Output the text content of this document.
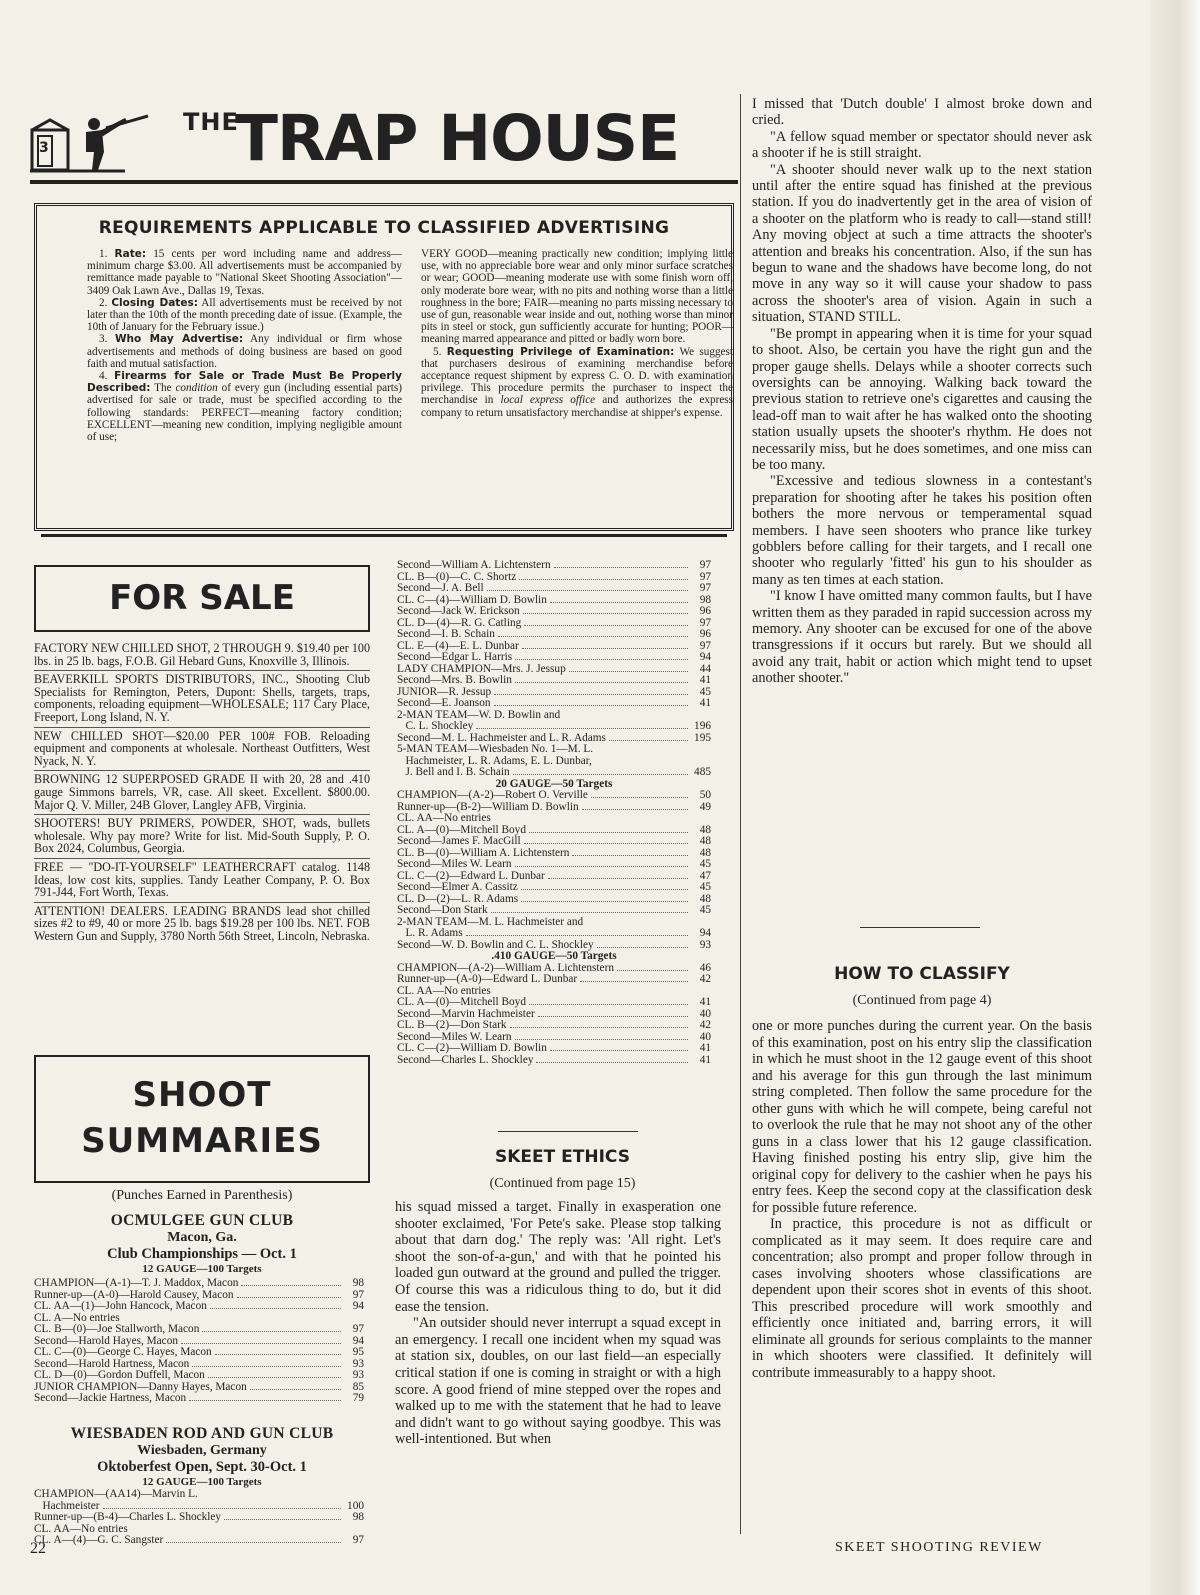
3
THE
TRAP HOUSE
REQUIREMENTS APPLICABLE TO CLASSIFIED ADVERTISING

1. Rate: 15 cents per word including name and address—minimum charge $3.00. All advertisements must be accompanied by remittance made payable to "National Skeet Shooting Association"—3409 Oak Lawn Ave., Dallas 19, Texas.

2. Closing Dates: All advertisements must be received by not later than the 10th of the month preceding date of issue. (Example, the 10th of January for the February issue.)

3. Who May Advertise: Any individual or firm whose advertisements and methods of doing business are based on good faith and mutual satisfaction.

4. Firearms for Sale or Trade Must Be Properly Described: The condition of every gun (including essential parts) advertised for sale or trade, must be specified according to the following standards: PERFECT—meaning factory condition; EXCELLENT—meaning new condition, implying negligible amount of use;

VERY GOOD—meaning practically new condition; implying little use, with no appreciable bore wear and only minor surface scratches or wear; GOOD—meaning moderate use with some finish worn off, only moderate bore wear, with no pits and nothing worse than a little roughness in the bore; FAIR—meaning no parts missing necessary to use of gun, reasonable wear inside and out, nothing worse than minor pits in steel or stock, gun sufficiently accurate for hunting; POOR—meaning marred appearance and pitted or badly worn bore.

5. Requesting Privilege of Examination: We suggest that purchasers desirous of examining merchandise before acceptance request shipment by express C. O. D. with examination privilege. This procedure permits the purchaser to inspect the merchandise in local express office and authorizes the express company to return unsatisfactory merchandise at shipper's expense.

FOR SALE
FACTORY NEW CHILLED SHOT, 2 THROUGH 9. $19.40 per 100 lbs. in 25 lb. bags, F.O.B. Gil Hebard Guns, Knoxville 3, Illinois.
BEAVERKILL SPORTS DISTRIBUTORS, INC., Shooting Club Specialists for Remington, Peters, Dupont: Shells, targets, traps, components, reloading equipment—WHOLESALE; 117 Cary Place, Freeport, Long Island, N. Y.
NEW CHILLED SHOT—$20.00 PER 100# FOB. Reloading equipment and components at wholesale. Northeast Outfitters, West Nyack, N. Y.
BROWNING 12 SUPERPOSED GRADE II with 20, 28 and .410 gauge Simmons barrels, VR, case. All skeet. Excellent. $800.00. Major Q. V. Miller, 24B Glover, Langley AFB, Virginia.
SHOOTERS! BUY PRIMERS, POWDER, SHOT, wads, bullets wholesale. Why pay more? Write for list. Mid-South Supply, P. O. Box 2024, Columbus, Georgia.
FREE — "DO-IT-YOURSELF" LEATHERCRAFT catalog. 1148 Ideas, low cost kits, supplies. Tandy Leather Company, P. O. Box 791-J44, Fort Worth, Texas.
ATTENTION! DEALERS. LEADING BRANDS lead shot chilled sizes #2 to #9, 40 or more 25 lb. bags $19.28 per 100 lbs. NET. FOB Western Gun and Supply, 3780 North 56th Street, Lincoln, Nebraska.
SHOOT
SUMMARIES
(Punches Earned in Parenthesis)
OCMULGEE GUN CLUB
Macon, Ga.
Club Championships — Oct. 1
12 GAUGE—100 Targets
CHAMPION—(A-1)—T. J. Maddox, Macon	98
Runner-up—(A-0)—Harold Causey, Macon	97
CL. AA—(1)—John Hancock, Macon	94
CL. A—No entries
CL. B—(0)—Joe Stallworth, Macon	97
Second—Harold Hayes, Macon	94
CL. C—(0)—George C. Hayes, Macon	95
Second—Harold Hartness, Macon	93
CL. D—(0)—Gordon Duffell, Macon	93
JUNIOR CHAMPION—Danny Hayes, Macon	85
Second—Jackie Hartness, Macon	79
WIESBADEN ROD AND GUN CLUB
Wiesbaden, Germany
Oktoberfest Open, Sept. 30-Oct. 1
12 GAUGE—100 Targets
CHAMPION—(AA14)—Marvin L.
Hachmeister	100
Runner-up—(B-4)—Charles L. Shockley	98
CL. AA—No entries
CL. A—(4)—G. C. Sangster	97
Second—William A. Lichtenstern	97
CL. B—(0)—C. C. Shortz	97
Second—J. A. Bell	97
CL. C—(4)—William D. Bowlin	98
Second—Jack W. Erickson	96
CL. D—(4)—R. G. Catling	97
Second—I. B. Schain	96
CL. E—(4)—E. L. Dunbar	97
Second—Edgar L. Harris	94
LADY CHAMPION—Mrs. J. Jessup	44
Second—Mrs. B. Bowlin	41
JUNIOR—R. Jessup	45
Second—E. Joanson	41
2-MAN TEAM—W. D. Bowlin and
C. L. Shockley	196
Second—M. L. Hachmeister and L. R. Adams	195
5-MAN TEAM—Wiesbaden No. 1—M. L.
Hachmeister, L. R. Adams, E. L. Dunbar,
J. Bell and I. B. Schain	485
20 GAUGE—50 Targets
CHAMPION—(A-2)—Robert O. Verville	50
Runner-up—(B-2)—William D. Bowlin	49
CL. AA—No entries
CL. A—(0)—Mitchell Boyd	48
Second—James F. MacGill	48
CL. B—(0)—William A. Lichtenstern	48
Second—Miles W. Learn	45
CL. C—(2)—Edward L. Dunbar	47
Second—Elmer A. Cassitz	45
CL. D—(2)—L. R. Adams	48
Second—Don Stark	45
2-MAN TEAM—M. L. Hachmeister and
L. R. Adams	94
Second—W. D. Bowlin and C. L. Shockley	93
.410 GAUGE—50 Targets
CHAMPION—(A-2)—William A. Lichtenstern	46
Runner-up—(A-0)—Edward L. Dunbar	42
CL. AA—No entries
CL. A—(0)—Mitchell Boyd	41
Second—Marvin Hachmeister	40
CL. B—(2)—Don Stark	42
Second—Miles W. Learn	40
CL. C—(2)—William D. Bowlin	41
Second—Charles L. Shockley	41
SKEET ETHICS
(Continued from page 15)

his squad missed a target. Finally in exasperation one shooter exclaimed, 'For Pete's sake. Please stop talking about that darn dog.' The reply was: 'All right. Let's shoot the son-of-a-gun,' and with that he pointed his loaded gun outward at the ground and pulled the trigger. Of course this was a ridiculous thing to do, but it did ease the tension.

"An outsider should never interrupt a squad except in an emergency. I recall one incident when my squad was at station six, doubles, on our last field—an especially critical station if one is coming in straight or with a high score. A good friend of mine stepped over the ropes and walked up to me with the statement that he had to leave and didn't want to go without saying goodbye. This was well-intentioned. But when

I missed that 'Dutch double' I almost broke down and cried.

"A fellow squad member or spectator should never ask a shooter if he is still straight.

"A shooter should never walk up to the next station until after the entire squad has finished at the previous station. If you do inadvertently get in the area of vision of a shooter on the platform who is ready to call—stand still! Any moving object at such a time attracts the shooter's attention and breaks his concentration. Also, if the sun has begun to wane and the shadows have become long, do not move in any way so it will cause your shadow to pass across the shooter's area of vision. Again in such a situation, STAND STILL.

"Be prompt in appearing when it is time for your squad to shoot. Also, be certain you have the right gun and the proper gauge shells. Delays while a shooter corrects such oversights can be annoying. Walking back toward the previous station to retrieve one's cigarettes and causing the lead-off man to wait after he has walked onto the shooting station usually upsets the shooter's rhythm. He does not necessarily miss, but he does sometimes, and one miss can be too many.

"Excessive and tedious slowness in a contestant's preparation for shooting after he takes his position often bothers the more nervous or temperamental squad members. I have seen shooters who prance like turkey gobblers before calling for their targets, and I recall one shooter who regularly 'fitted' his gun to his shoulder as many as ten times at each station.

"I know I have omitted many common faults, but I have written them as they paraded in rapid succession across my memory. Any shooter can be excused for one of the above transgressions if it occurs but rarely. But we should all avoid any trait, habit or action which might tend to upset another shooter."

HOW TO CLASSIFY
(Continued from page 4)

one or more punches during the current year. On the basis of this examination, post on his entry slip the classification in which he must shoot in the 12 gauge event of this shoot and his average for this gun through the last minimum string completed. Then follow the same procedure for the other guns with which he will compete, being careful not to overlook the rule that he may not shoot any of the other guns in a class lower that his 12 gauge classification. Having finished posting his entry slip, give him the original copy for delivery to the cashier when he pays his entry fees. Keep the second copy at the classification desk for possible future reference.

In practice, this procedure is not as difficult or complicated as it may seem. It does require care and concentration; also prompt and proper follow through in cases involving shooters whose classifications are dependent upon their scores shot in events of this shoot. This prescribed procedure will work smoothly and efficiently once initiated and, barring errors, it will eliminate all grounds for serious complaints to the manner in which shooters were classified. It definitely will contribute immeasurably to a happy shoot.

22	SKEET SHOOTING REVIEW
